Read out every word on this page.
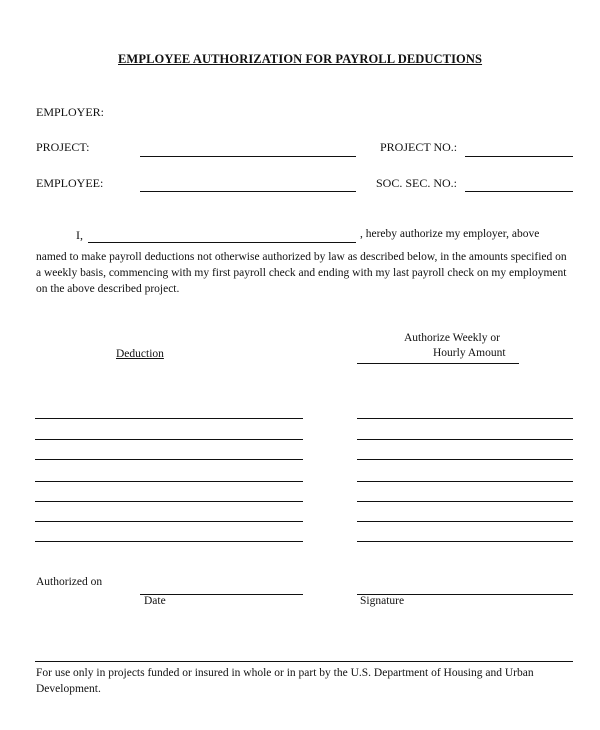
EMPLOYEE AUTHORIZATION FOR PAYROLL DEDUCTIONS
EMPLOYER:
PROJECT:	PROJECT NO.:
EMPLOYEE:	SOC. SEC. NO.:
I,	, hereby authorize my employer, above
named to make payroll deductions not otherwise authorized by law as described below, in the amounts specified on a weekly basis, commencing with my first payroll check and ending with my last payroll check on my employment on the above described project.
Deduction
Authorize Weekly or
Hourly Amount
Authorized on
Date	Signature
For use only in projects funded or insured in whole or in part by the U.S. Department of Housing and Urban Development.
